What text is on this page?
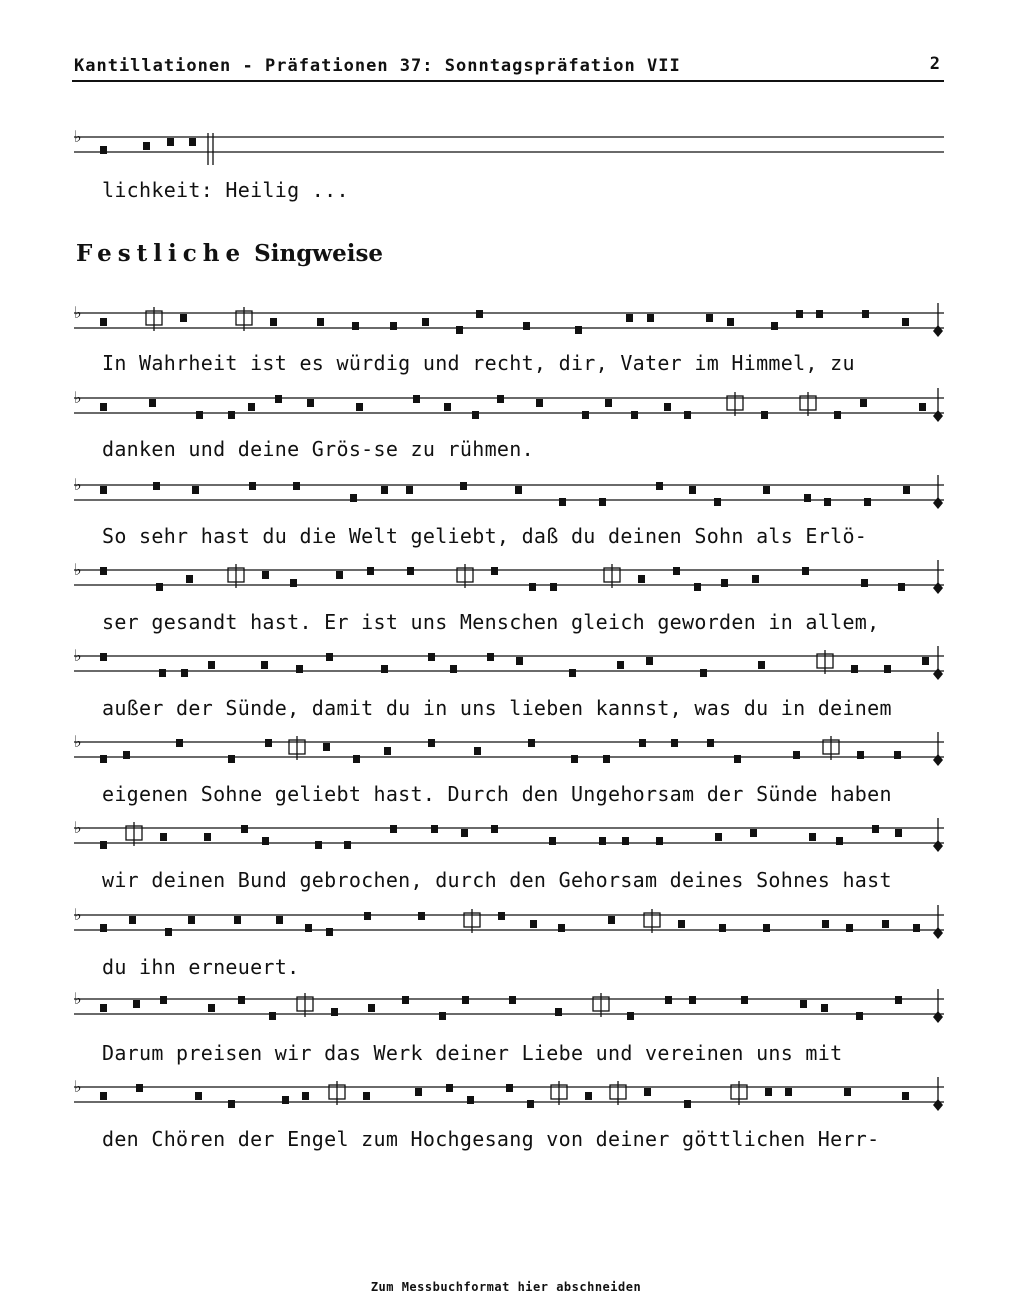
Kantillationen - Präfationen 37: Sonntagspräfation VII	2
♭
♭
♭
♭
♭
♭
♭
♭
♭
♭
♭
Festliche Singweise
lichkeit: Heilig ...
In Wahrheit ist es würdig und recht, dir, Vater im Himmel, zu
danken und deine Grös-se zu rühmen.
So sehr hast du die Welt geliebt, daß du deinen Sohn als Erlö-
ser gesandt hast. Er ist uns Menschen gleich geworden in allem,
außer der Sünde, damit du in uns lieben kannst, was du in deinem
eigenen Sohne geliebt hast. Durch den Ungehorsam der Sünde haben
wir deinen Bund gebrochen, durch den Gehorsam deines Sohnes hast
du ihn erneuert.
Darum preisen wir das Werk deiner Liebe und vereinen uns mit
den Chören der Engel zum Hochgesang von deiner göttlichen Herr-
Zum Messbuchformat hier abschneiden
